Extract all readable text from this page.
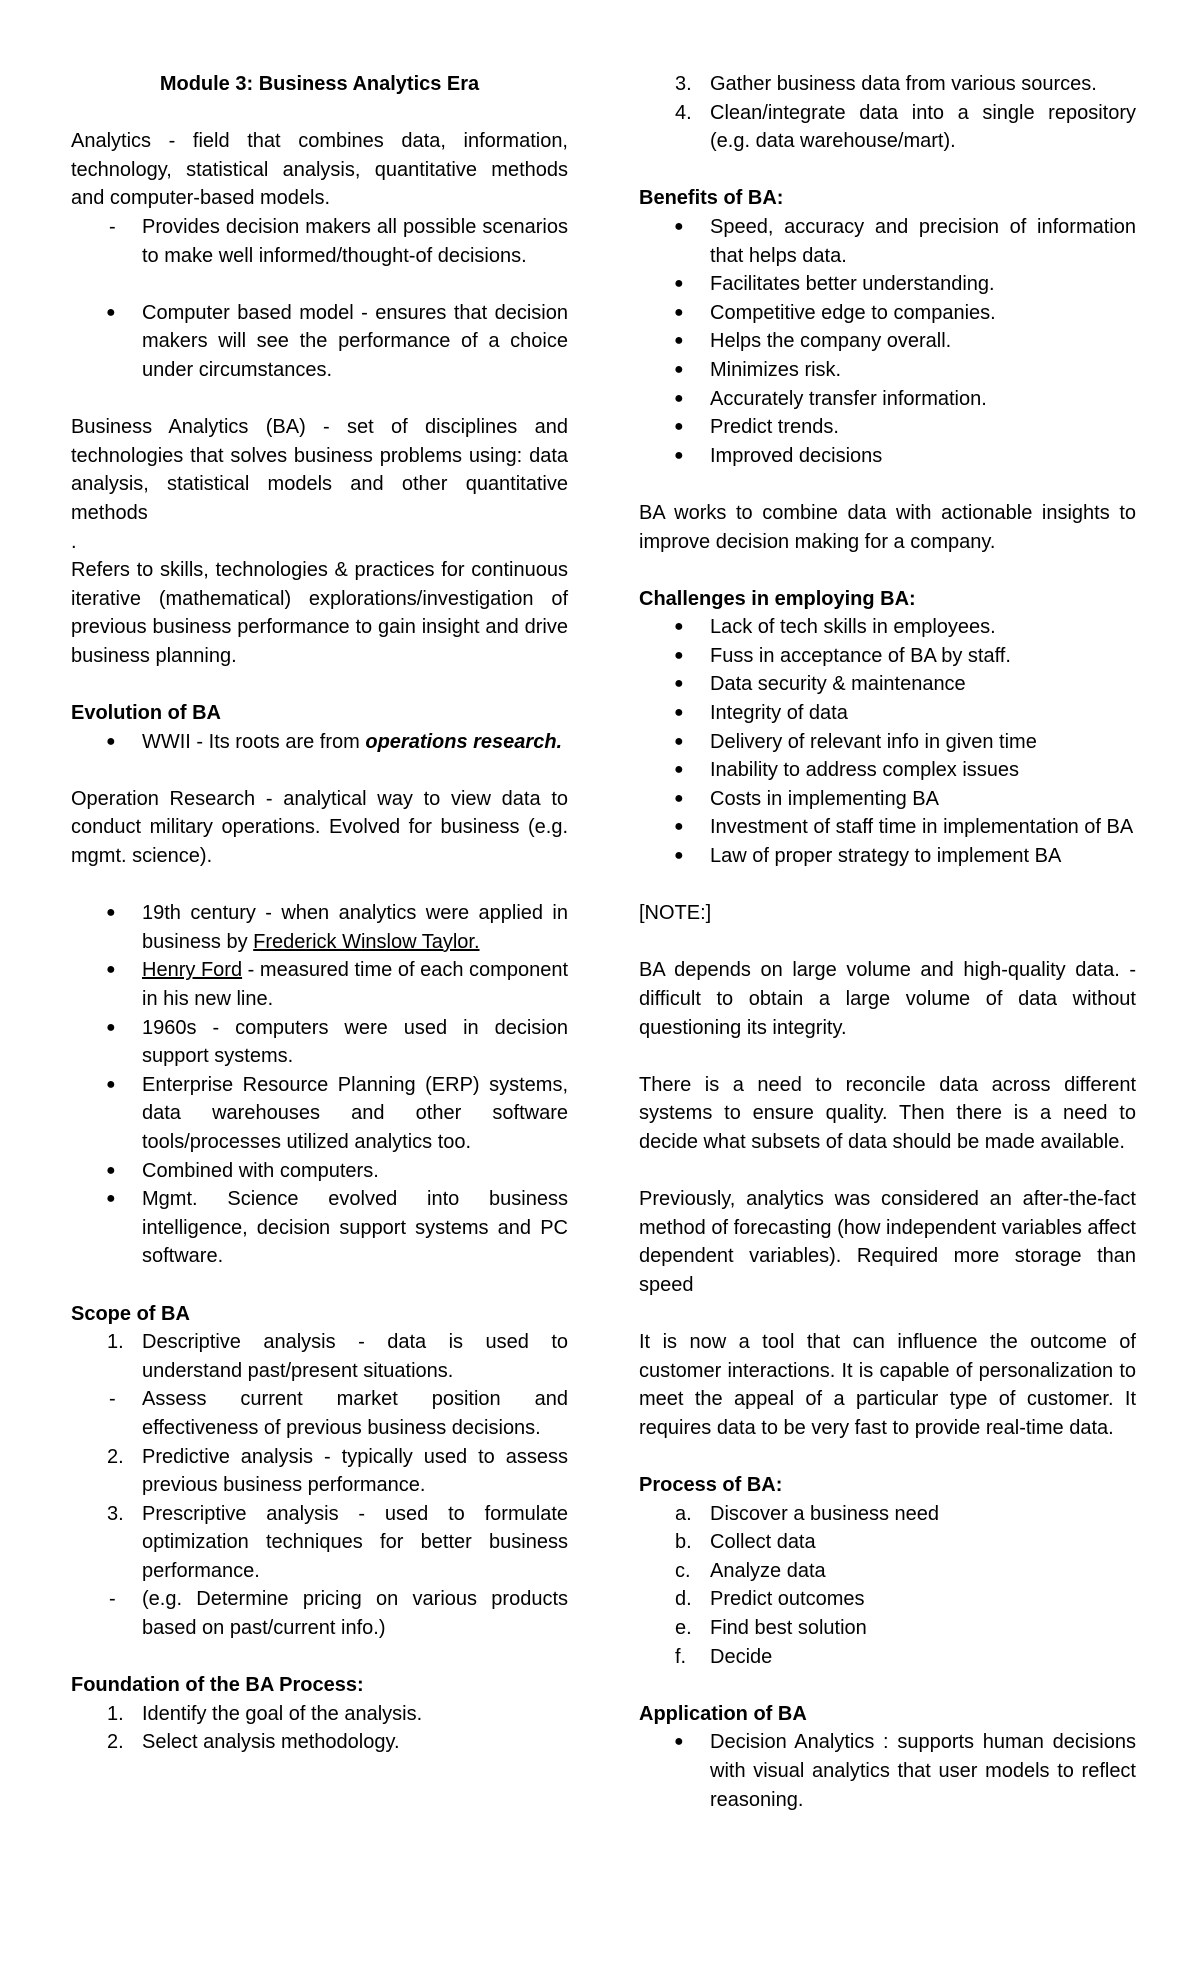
Module 3: Business Analytics Era

Analytics - field that combines data, information, technology, statistical analysis, quantitative methods and computer-based models.

- Provides decision makers all possible scenarios to make well informed/thought-of decisions.
● Computer based model - ensures that decision makers will see the performance of a choice under circumstances.

Business Analytics (BA) - set of disciplines and technologies that solves business problems using: data analysis, statistical models and other quantitative methods

.

Refers to skills, technologies & practices for continuous iterative (mathematical) explorations/investigation of previous business performance to gain insight and drive business planning.

Evolution of BA

● WWII - Its roots are from operations research.

Operation Research - analytical way to view data to conduct military operations. Evolved for business (e.g. mgmt. science).

● 19th century - when analytics were applied in business by Frederick Winslow Taylor.
● Henry Ford - measured time of each component in his new line.
● 1960s - computers were used in decision support systems.
● Enterprise Resource Planning (ERP) systems, data warehouses and other software tools/processes utilized analytics too.
● Combined with computers.
● Mgmt. Science evolved into business intelligence, decision support systems and PC software.

Scope of BA

1. Descriptive analysis - data is used to understand past/present situations.
- Assess current market position and effectiveness of previous business decisions.
2. Predictive analysis - typically used to assess previous business performance.
3. Prescriptive analysis - used to formulate optimization techniques for better business performance.
- (e.g. Determine pricing on various products based on past/current info.)

Foundation of the BA Process:

1. Identify the goal of the analysis.
2. Select analysis methodology.
3. Gather business data from various sources.
4. Clean/integrate data into a single repository (e.g. data warehouse/mart).

Benefits of BA:

● Speed, accuracy and precision of information that helps data.
● Facilitates better understanding.
● Competitive edge to companies.
● Helps the company overall.
● Minimizes risk.
● Accurately transfer information.
● Predict trends.
● Improved decisions

BA works to combine data with actionable insights to improve decision making for a company.

Challenges in employing BA:

● Lack of tech skills in employees.
● Fuss in acceptance of BA by staff.
● Data security & maintenance
● Integrity of data
● Delivery of relevant info in given time
● Inability to address complex issues
● Costs in implementing BA
● Investment of staff time in implementation of BA
● Law of proper strategy to implement BA

[NOTE:]

BA depends on large volume and high-quality data. - difficult to obtain a large volume of data without questioning its integrity.

There is a need to reconcile data across different systems to ensure quality. Then there is a need to decide what subsets of data should be made available.

Previously, analytics was considered an after-the-fact method of forecasting (how independent variables affect dependent variables). Required more storage than speed

It is now a tool that can influence the outcome of customer interactions. It is capable of personalization to meet the appeal of a particular type of customer. It requires data to be very fast to provide real-time data.

Process of BA:

a. Discover a business need
b. Collect data
c. Analyze data
d. Predict outcomes
e. Find best solution
f. Decide

Application of BA

● Decision Analytics : supports human decisions with visual analytics that user models to reflect reasoning.
